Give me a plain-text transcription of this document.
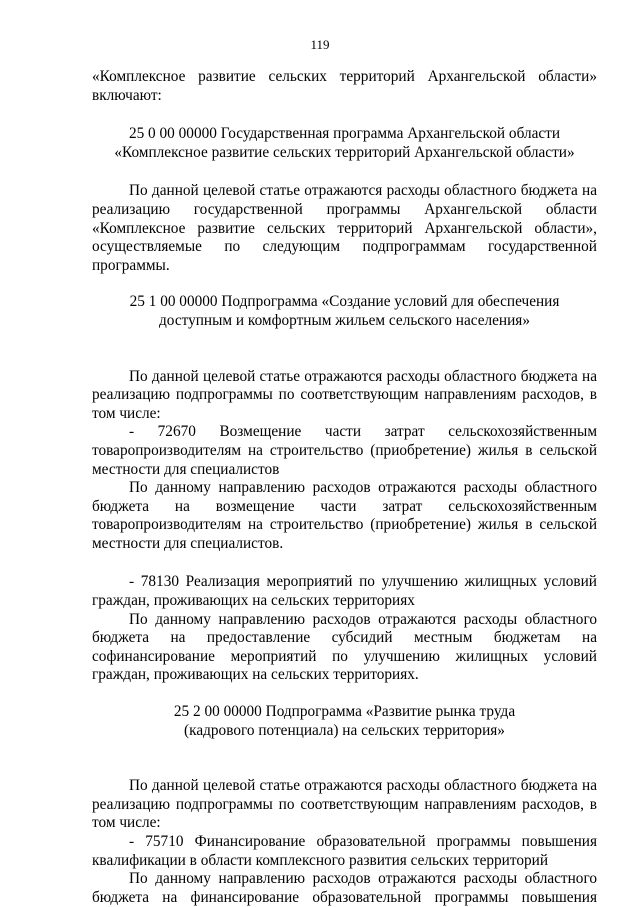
119

«Комплексное развитие сельских территорий Архангельской области» включают:

25 0 00 00000 Государственная программа Архангельской области

«Комплексное развитие сельских территорий Архангельской области»

По данной целевой статье отражаются расходы областного бюджета на реализацию государственной программы Архангельской области «Комплексное развитие сельских территорий Архангельской области», осуществляемые по следующим подпрограммам государственной программы.

25 1 00 00000 Подпрограмма «Создание условий для обеспечения

доступным и комфортным жильем сельского населения»

По данной целевой статье отражаются расходы областного бюджета на реализацию подпрограммы по соответствующим направлениям расходов, в том числе:

- 72670 Возмещение части затрат сельскохозяйственным товаропроизводителям на строительство (приобретение) жилья в сельской местности для специалистов

По данному направлению расходов отражаются расходы областного бюджета на возмещение части затрат сельскохозяйственным товаропроизводителям на строительство (приобретение) жилья в сельской местности для специалистов.

- 78130 Реализация мероприятий по улучшению жилищных условий граждан, проживающих на сельских территориях

По данному направлению расходов отражаются расходы областного бюджета на предоставление субсидий местным бюджетам на софинансирование мероприятий по улучшению жилищных условий граждан, проживающих на сельских территориях.

25 2 00 00000 Подпрограмма «Развитие рынка труда

(кадрового потенциала) на сельских территория»

По данной целевой статье отражаются расходы областного бюджета на реализацию подпрограммы по соответствующим направлениям расходов, в том числе:

- 75710 Финансирование образовательной программы повышения квалификации в области комплексного развития сельских территорий

По данному направлению расходов отражаются расходы областного бюджета на финансирование образовательной программы повышения
